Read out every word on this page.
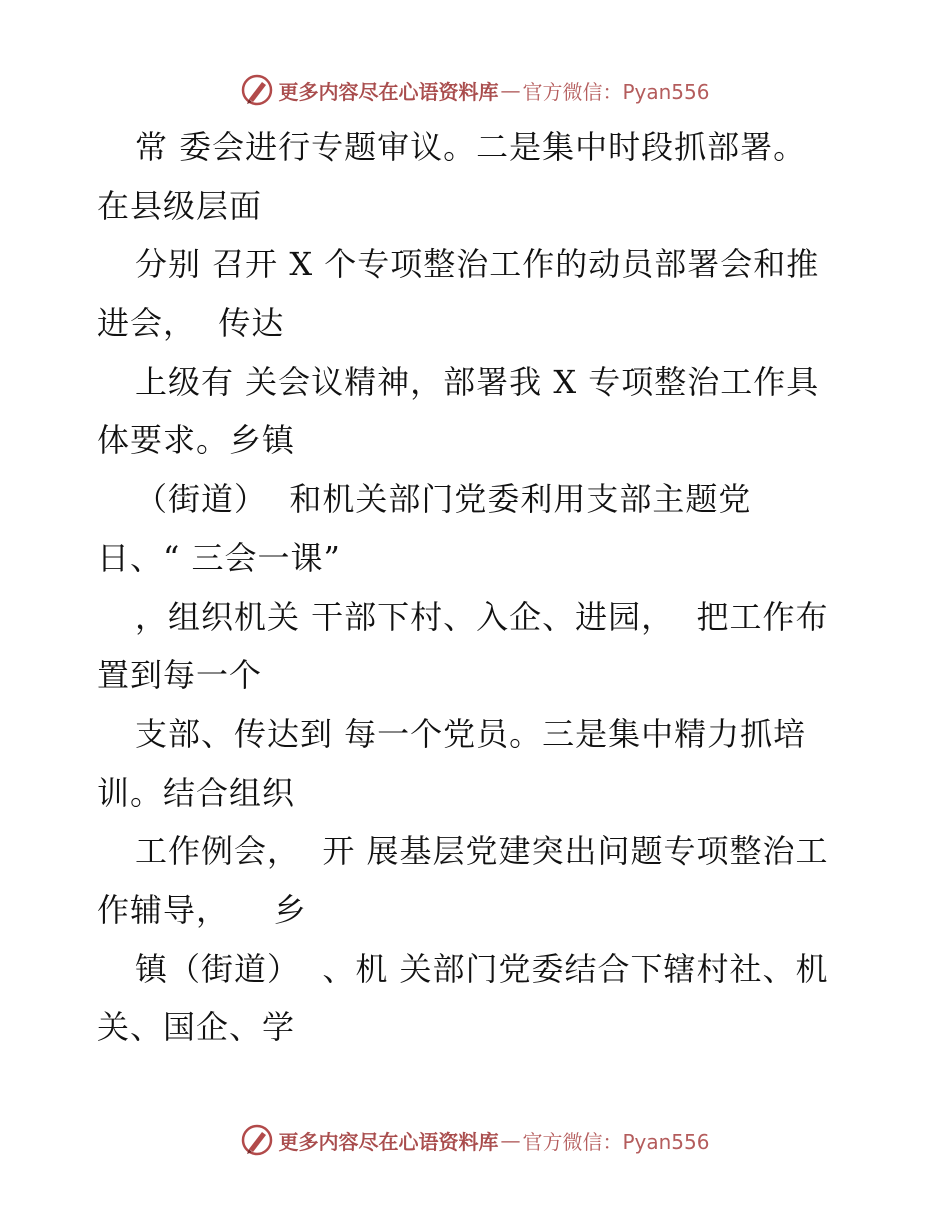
更多内容尽在心语资料库 — 官方微信：Pyan556
常 委会进行专题审议。二是集中时段抓部署。
在县级层面
分别 召开 X 个专项整治工作的动员部署会和推
进会，  传达
上级有 关会议精神，部署我 X 专项整治工作具
体要求。乡镇
（街道）  和机关部门党委利用支部主题党
日、“ 三会一课”
，组织机关 干部下村、入企、进园，  把工作布
置到每一个
支部、传达到 每一个党员。三是集中精力抓培
训。结合组织
工作例会，  开 展基层党建突出问题专项整治工
作辅导，    乡
镇（街道）  、机 关部门党委结合下辖村社、机
关、国企、学
更多内容尽在心语资料库 — 官方微信：Pyan556
